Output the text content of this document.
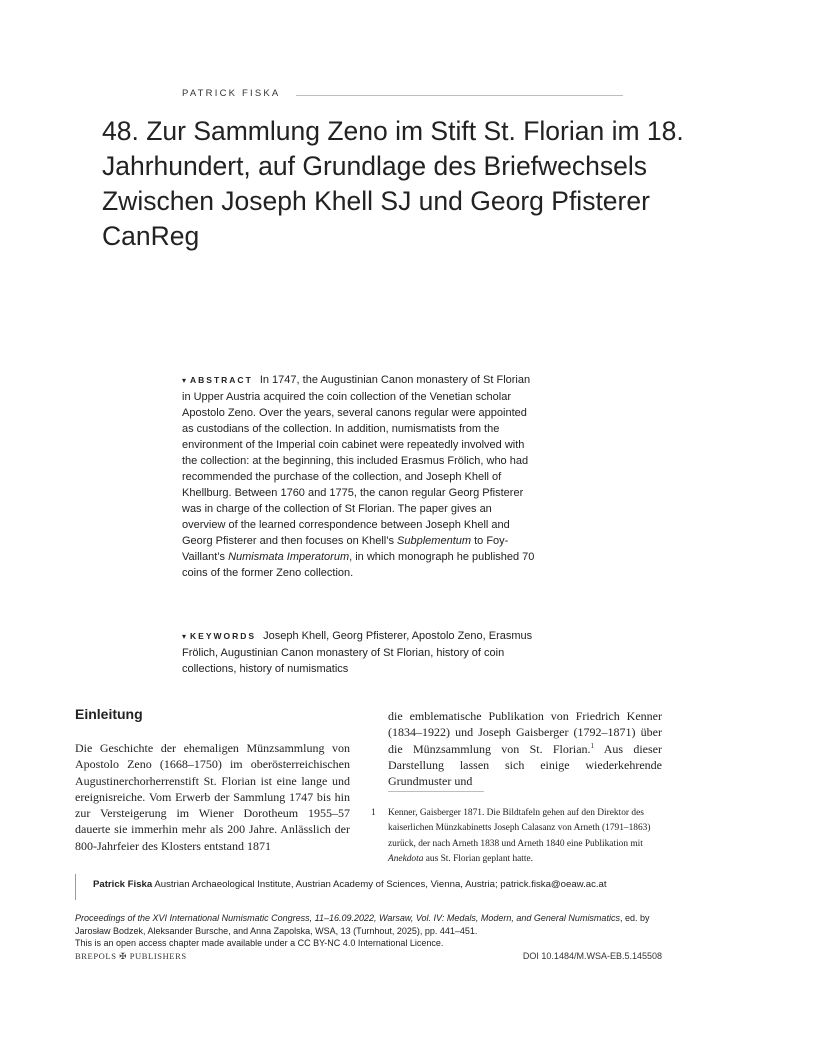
PATRICK FISKA
48. Zur Sammlung Zeno im Stift St. Florian im 18. Jahrhundert, auf Grundlage des Briefwechsels Zwischen Joseph Khell SJ und Georg Pfisterer CanReg
▾ ABSTRACT In 1747, the Augustinian Canon monastery of St Florian in Upper Austria acquired the coin collection of the Venetian scholar Apostolo Zeno. Over the years, several canons regular were appointed as custodians of the collection. In addition, numismatists from the environment of the Imperial coin cabinet were repeatedly involved with the collection: at the beginning, this included Erasmus Frölich, who had recommended the purchase of the collection, and Joseph Khell of Khellburg. Between 1760 and 1775, the canon regular Georg Pfisterer was in charge of the collection of St Florian. The paper gives an overview of the learned correspondence between Joseph Khell and Georg Pfisterer and then focuses on Khell’s Subplementum to Foy-Vaillant’s Numismata Imperatorum, in which monograph he published 70 coins of the former Zeno collection.
▾ KEYWORDS Joseph Khell, Georg Pfisterer, Apostolo Zeno, Erasmus Frölich, Augustinian Canon monastery of St Florian, history of coin collections, history of numismatics
Einleitung

Die Geschichte der ehemaligen Münzsammlung von Apostolo Zeno (1668–1750) im oberösterreichischen Augustinerchorherrenstift St. Florian ist eine lange und ereignisreiche. Vom Erwerb der Sammlung 1747 bis hin zur Versteigerung im Wiener Dorotheum 1955–57 dauerte sie immerhin mehr als 200 Jahre. Anlässlich der 800-Jahrfeier des Klosters entstand 1871

die emblematische Publikation von Friedrich Kenner (1834–1922) und Joseph Gaisberger (1792–1871) über die Münzsammlung von St. Florian.$^1$ Aus dieser Darstellung lassen sich einige wiederkehrende Grundmuster und

1 Kenner, Gaisberger 1871. Die Bildtafeln gehen auf den Direktor des kaiserlichen Münzkabinetts Joseph Calasanz von Arneth (1791–1863) zurück, der nach Arneth 1838 und Arneth 1840 eine Publikation mit Anekdota aus St. Florian geplant hatte.
Patrick Fiska Austrian Archaeological Institute, Austrian Academy of Sciences, Vienna, Austria; patrick.fiska@oeaw.ac.at
Proceedings of the XVI International Numismatic Congress, 11–16.09.2022, Warsaw, Vol. IV: Medals, Modern, and General Numismatics, ed. by Jarosław Bodzek, Aleksander Bursche, and Anna Zapolska, WSA, 13 (Turnhout, 2025), pp. 441–451.
This is an open access chapter made available under a CC BY-NC 4.0 International Licence.
BREPOLS ✠ PUBLISHERS	DOI 10.1484/M.WSA-EB.5.145508
